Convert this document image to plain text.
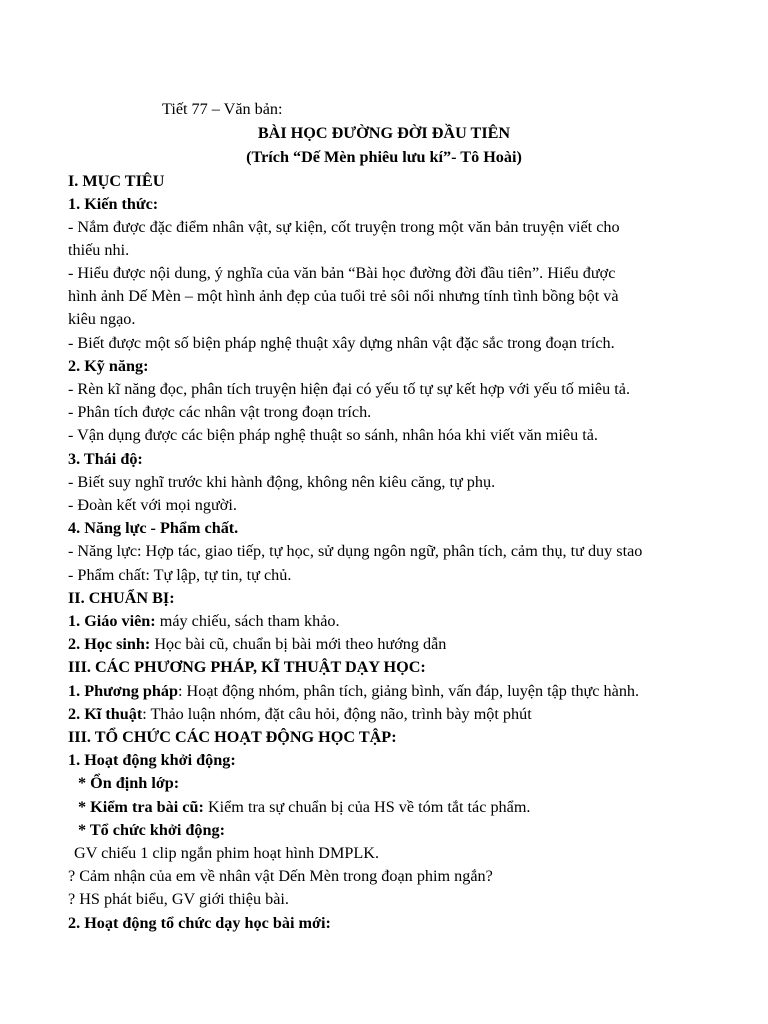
Tiết 77 – Văn bản:
BÀI HỌC ĐƯỜNG ĐỜI ĐẦU TIÊN
(Trích “Dế Mèn phiêu lưu kí”- Tô Hoài)
I. MỤC TIÊU
1. Kiến thức:
- Nắm được đặc điểm nhân vật, sự kiện, cốt truyện trong một văn bản truyện viết cho
thiếu nhi.
- Hiểu được nội dung, ý nghĩa của văn bản “Bài học đường đời đầu tiên”. Hiểu được
hình ảnh Dế Mèn – một hình ảnh đẹp của tuổi trẻ sôi nổi nhưng tính tình bồng bột và
kiêu ngạo.
- Biết được một số biện pháp nghệ thuật xây dựng nhân vật đặc sắc trong đoạn trích.
2. Kỹ năng:
- Rèn kĩ năng đọc, phân tích truyện hiện đại có yếu tố tự sự kết hợp với yếu tố miêu tả.
- Phân tích được các nhân vật trong đoạn trích.
- Vận dụng được các biện pháp nghệ thuật so sánh, nhân hóa khi viết văn miêu tả.
3. Thái độ:
- Biết suy nghĩ trước khi hành động, không nên kiêu căng, tự phụ.
- Đoàn kết với mọi người.
4. Năng lực - Phẩm chất.
- Năng lực: Hợp tác, giao tiếp, tự học, sử dụng ngôn ngữ, phân tích, cảm thụ, tư duy stao
- Phẩm chất: Tự lập, tự tin, tự chủ.
II. CHUẨN BỊ:
1. Giáo viên: máy chiếu, sách tham khảo.
2. Học sinh: Học bài cũ, chuẩn bị bài mới theo hướng dẫn
III. CÁC PHƯƠNG PHÁP, KĨ THUẬT DẠY HỌC:
1. Phương pháp: Hoạt động nhóm, phân tích, giảng bình, vấn đáp, luyện tập thực hành.
2. Kĩ thuật: Thảo luận nhóm, đặt câu hỏi, động não, trình bày một phút
III. TỔ CHỨC CÁC HOẠT ĐỘNG HỌC TẬP:
1. Hoạt động khởi động:
* Ổn định lớp:
* Kiểm tra bài cũ: Kiểm tra sự chuẩn bị của HS về tóm tắt tác phẩm.
* Tổ chức khởi động:
GV chiếu 1 clip ngắn phim hoạt hình DMPLK.
? Cảm nhận của em về nhân vật Dến Mèn trong đoạn phim ngắn?
? HS phát biểu, GV giới thiệu bài.
2. Hoạt động tổ chức dạy học bài mới:
